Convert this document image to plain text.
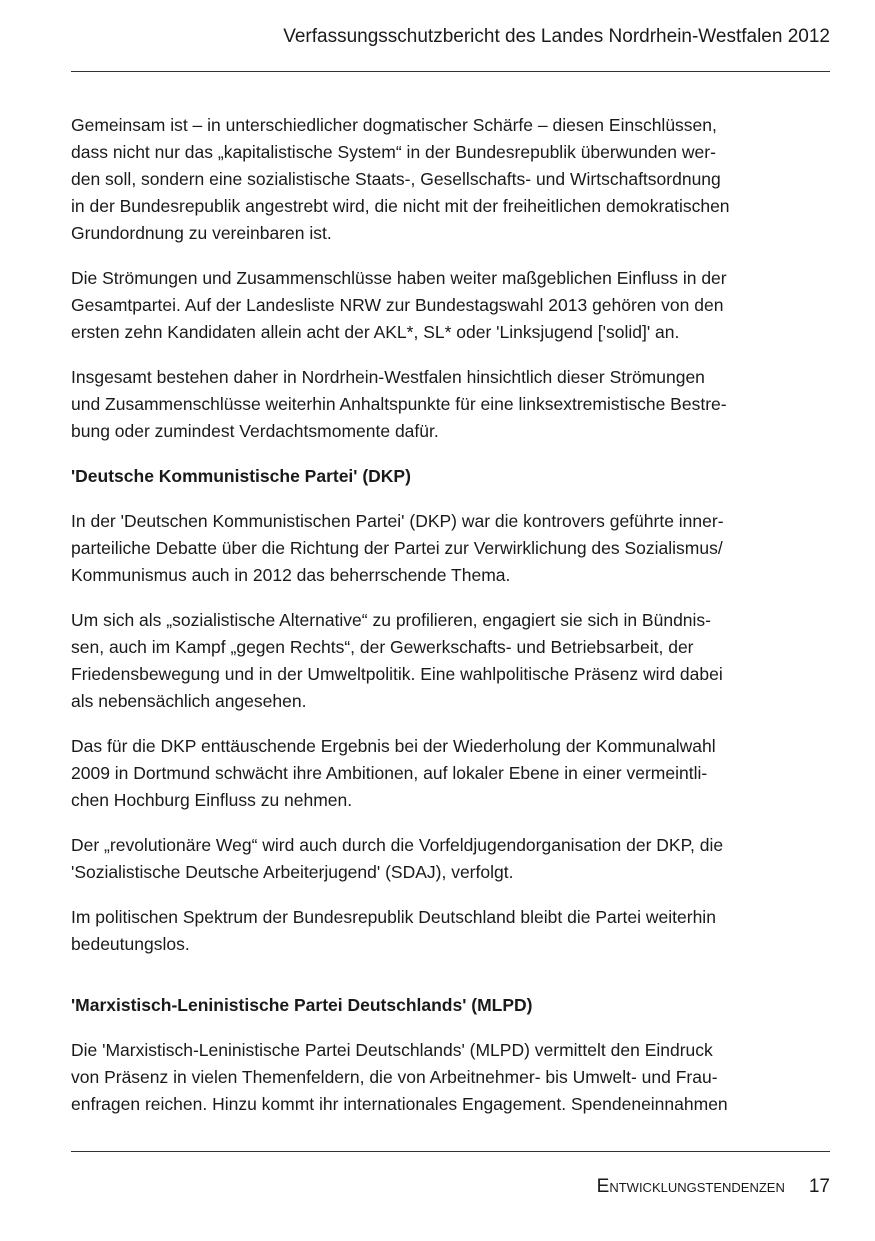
Verfassungsschutzbericht des Landes Nordrhein-Westfalen 2012

Gemeinsam ist – in unterschiedlicher dogmatischer Schärfe – diesen Einschlüssen,
dass nicht nur das „kapitalistische System“ in der Bundesrepublik überwunden wer-
den soll, sondern eine sozialistische Staats-, Gesellschafts- und Wirtschaftsordnung
in der Bundesrepublik angestrebt wird, die nicht mit der freiheitlichen demokratischen
Grundordnung zu vereinbaren ist.

Die Strömungen und Zusammenschlüsse haben weiter maßgeblichen Einfluss in der
Gesamtpartei. Auf der Landesliste NRW zur Bundestagswahl 2013 gehören von den
ersten zehn Kandidaten allein acht der AKL*, SL* oder 'Linksjugend ['solid]' an.

Insgesamt bestehen daher in Nordrhein-Westfalen hinsichtlich dieser Strömungen
und Zusammenschlüsse weiterhin Anhaltspunkte für eine linksextremistische Bestre-
bung oder zumindest Verdachtsmomente dafür.

'Deutsche Kommunistische Partei' (DKP)

In der 'Deutschen Kommunistischen Partei' (DKP) war die kontrovers geführte inner-
parteiliche Debatte über die Richtung der Partei zur Verwirklichung des Sozialismus/
Kommunismus auch in 2012 das beherrschende Thema.

Um sich als „sozialistische Alternative“ zu profilieren, engagiert sie sich in Bündnis-
sen, auch im Kampf „gegen Rechts“, der Gewerkschafts- und Betriebsarbeit, der
Friedensbewegung und in der Umweltpolitik. Eine wahlpolitische Präsenz wird dabei
als nebensächlich angesehen.

Das für die DKP enttäuschende Ergebnis bei der Wiederholung der Kommunalwahl
2009 in Dortmund schwächt ihre Ambitionen, auf lokaler Ebene in einer vermeintli-
chen Hochburg Einfluss zu nehmen.

Der „revolutionäre Weg“ wird auch durch die Vorfeldjugendorganisation der DKP, die
'Sozialistische Deutsche Arbeiterjugend' (SDAJ), verfolgt.

Im politischen Spektrum der Bundesrepublik Deutschland bleibt die Partei weiterhin
bedeutungslos.

'Marxistisch-Leninistische Partei Deutschlands' (MLPD)

Die 'Marxistisch-Leninistische Partei Deutschlands' (MLPD) vermittelt den Eindruck
von Präsenz in vielen Themenfeldern, die von Arbeitnehmer- bis Umwelt- und Frau-
enfragen reichen. Hinzu kommt ihr internationales Engagement. Spendeneinnahmen

Entwicklungstendenzen 17
